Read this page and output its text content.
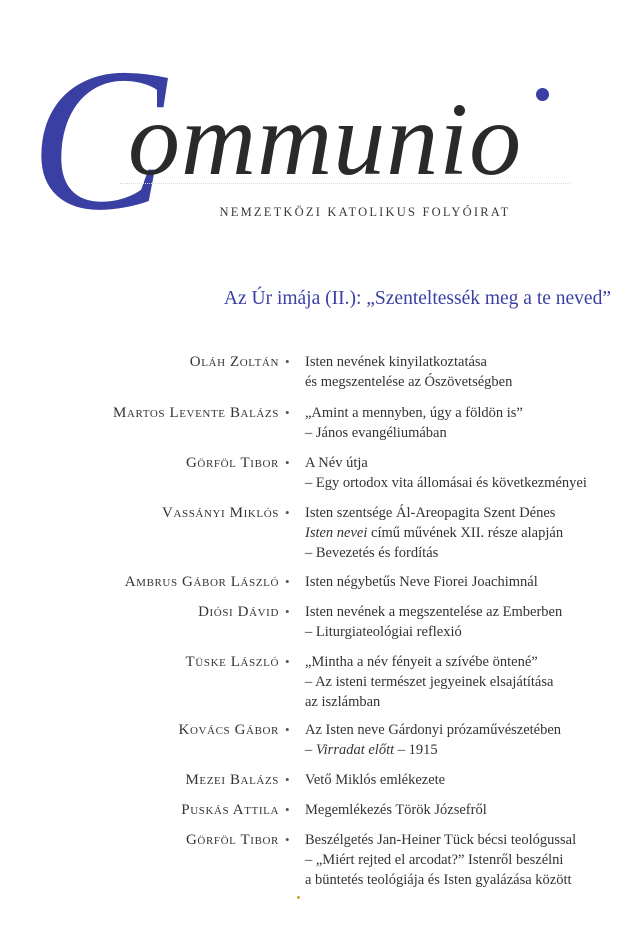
C
ommunio
NEMZETKÖZI KATOLIKUS FOLYÓIRAT
Az Úr imája (II.): „Szenteltessék meg a te neved”
Oláh Zoltán • Isten nevének kinyilatkoztatása
és megszentelése az Ószövetségben
Martos Levente Balázs • „Amint a mennyben, úgy a földön is”
– János evangéliumában
Görföl Tibor • A Név útja
– Egy ortodox vita állomásai és következményei
Vassányi Miklós • Isten szentsége Ál-Areopagita Szent Dénes
Isten nevei című művének XII. része alapján
– Bevezetés és fordítás
Ambrus Gábor László • Isten négybetűs Neve Fiorei Joachimnál
Diósi Dávid • Isten nevének a megszentelése az Emberben
– Liturgiateológiai reflexió
Tüske László • „Mintha a név fényeit a szívébe öntené”
– Az isteni természet jegyeinek elsajátítása
az iszlámban
Kovács Gábor • Az Isten neve Gárdonyi prózaművészetében
– Virradat előtt – 1915
Mezei Balázs • Vető Miklós emlékezete
Puskás Attila • Megemlékezés Török Józsefről
Görföl Tibor • Beszélgetés Jan-Heiner Tück bécsi teológussal
– „Miért rejted el arcodat?” Istenről beszélni
a büntetés teológiája és Isten gyalázása között
